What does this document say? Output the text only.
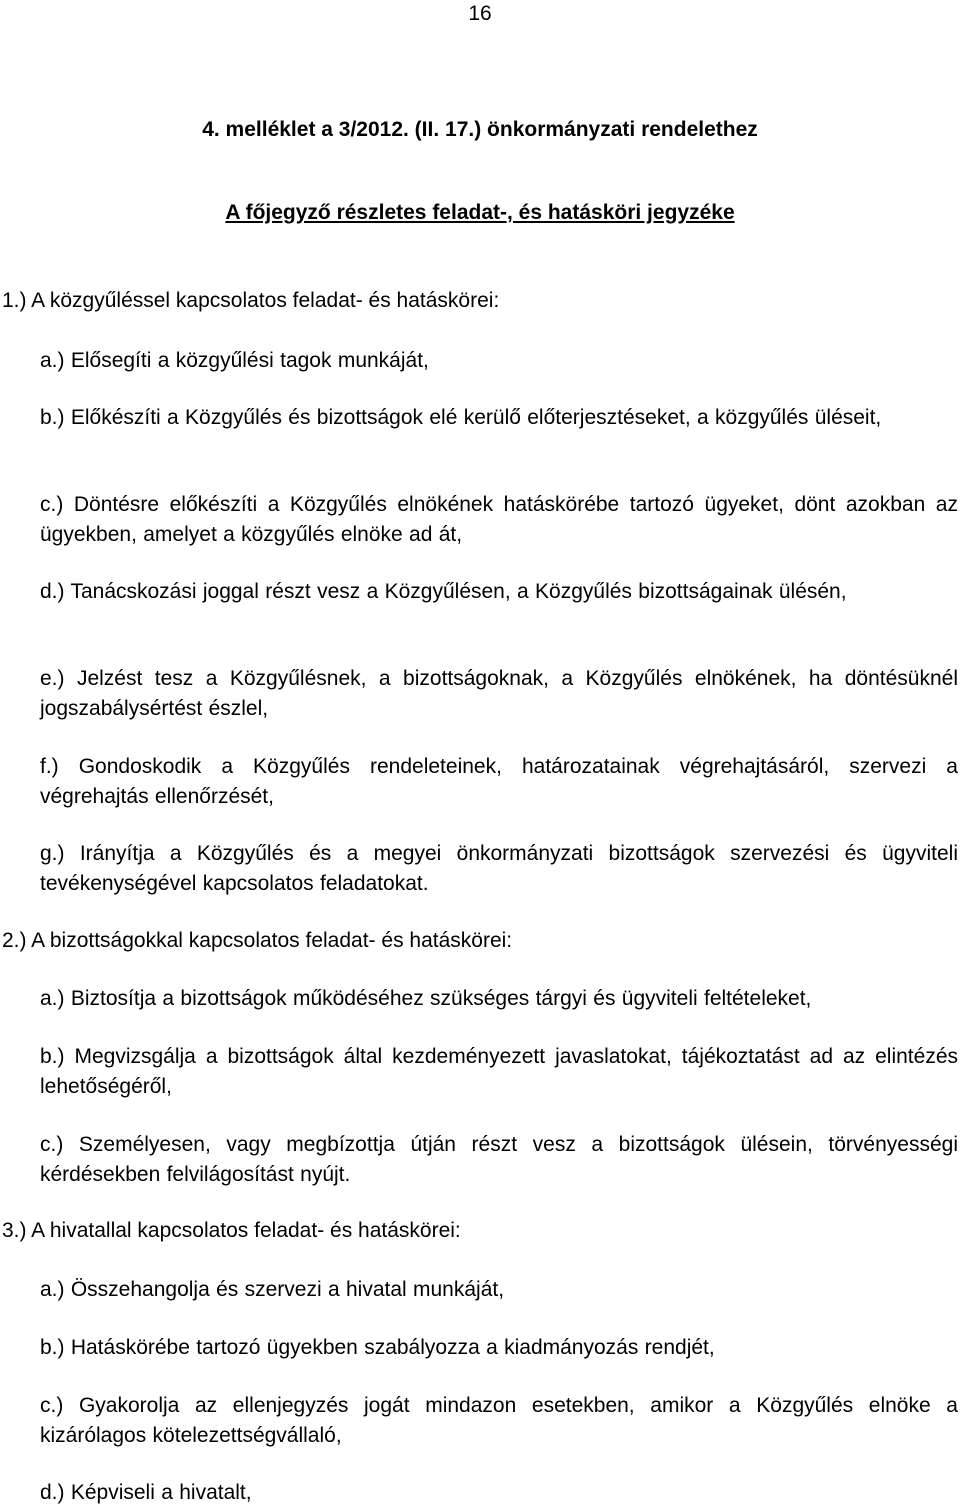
16
4. melléklet a 3/2012. (II. 17.) önkormányzati rendelethez
A főjegyző részletes feladat-, és hatásköri jegyzéke
1.) A közgyűléssel kapcsolatos feladat- és hatáskörei:
a.) Elősegíti a közgyűlési tagok munkáját,
b.) Előkészíti a Közgyűlés és bizottságok elé kerülő előterjesztéseket, a közgyűlés üléseit,
c.) Döntésre előkészíti a Közgyűlés elnökének hatáskörébe tartozó ügyeket, dönt azokban az ügyekben, amelyet a közgyűlés elnöke ad át,
d.) Tanácskozási joggal részt vesz a Közgyűlésen, a Közgyűlés bizottságainak ülésén,
e.) Jelzést tesz a Közgyűlésnek, a bizottságoknak, a Közgyűlés elnökének, ha döntésüknél jogszabálysértést észlel,
f.) Gondoskodik a Közgyűlés rendeleteinek, határozatainak végrehajtásáról, szervezi a végrehajtás ellenőrzését,
g.) Irányítja a Közgyűlés és a megyei önkormányzati bizottságok szervezési és ügyviteli tevékenységével kapcsolatos feladatokat.
2.) A bizottságokkal kapcsolatos feladat- és hatáskörei:
a.) Biztosítja a bizottságok működéséhez szükséges tárgyi és ügyviteli feltételeket,
b.) Megvizsgálja a bizottságok által kezdeményezett javaslatokat, tájékoztatást ad az elintézés lehetőségéről,
c.) Személyesen, vagy megbízottja útján részt vesz a bizottságok ülésein, törvényességi kérdésekben felvilágosítást nyújt.
3.) A hivatallal kapcsolatos feladat- és hatáskörei:
a.) Összehangolja és szervezi a hivatal munkáját,
b.) Hatáskörébe tartozó ügyekben szabályozza a kiadmányozás rendjét,
c.) Gyakorolja az ellenjegyzés jogát mindazon esetekben, amikor a Közgyűlés elnöke a kizárólagos kötelezettségvállaló,
d.) Képviseli a hivatalt,
